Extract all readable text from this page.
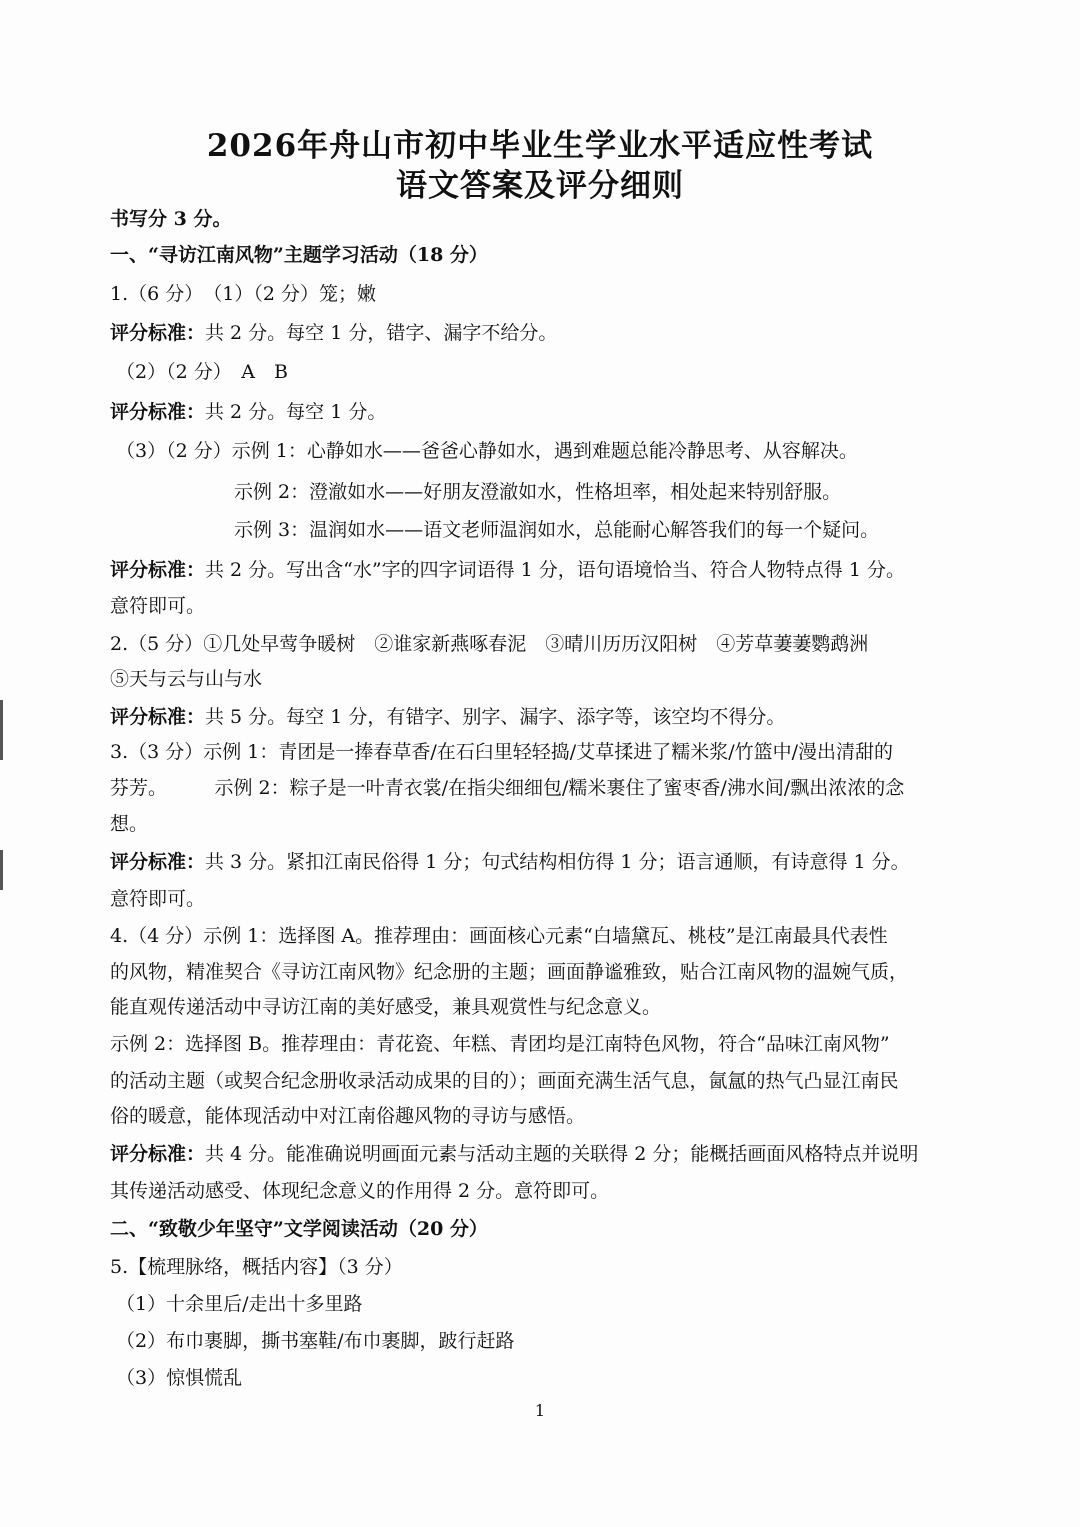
2026年舟山市初中毕业生学业水平适应性考试
语文答案及评分细则
书写分 3 分。
一、“寻访江南风物”主题学习活动（18 分）
1.（6 分）　（1）（2 分）笼；嫩
评分标准：共 2 分。每空 1 分，错字、漏字不给分。
（2）（2 分）　A　B
评分标准：共 2 分。每空 1 分。
（3）（2 分）示例 1：心静如水——爸爸心静如水，遇到难题总能冷静思考、从容解决。
示例 2：澄澈如水——好朋友澄澈如水，性格坦率，相处起来特别舒服。
示例 3：温润如水——语文老师温润如水，总能耐心解答我们的每一个疑问。
评分标准：共 2 分。写出含“水”字的四字词语得 1 分，语句语境恰当、符合人物特点得 1 分。
意符即可。
2.（5 分）①几处早莺争暖树　②谁家新燕啄春泥　③晴川历历汉阳树　④芳草萋萋鹦鹉洲
⑤天与云与山与水
评分标准：共 5 分。每空 1 分，有错字、别字、漏字、添字等，该空均不得分。
3.（3 分）示例 1：青团是一捧春草香/在石臼里轻轻捣/艾草揉进了糯米浆/竹篮中/漫出清甜的
芬芳。　　　示例 2：粽子是一叶青衣裳/在指尖细细包/糯米裹住了蜜枣香/沸水间/飘出浓浓的念
想。
评分标准：共 3 分。紧扣江南民俗得 1 分；句式结构相仿得 1 分；语言通顺，有诗意得 1 分。
意符即可。
4.（4 分）示例 1：选择图 A。推荐理由：画面核心元素“白墙黛瓦、桃枝”是江南最具代表性
的风物，精准契合《寻访江南风物》纪念册的主题；画面静谧雅致，贴合江南风物的温婉气质，
能直观传递活动中寻访江南的美好感受，兼具观赏性与纪念意义。
示例 2：选择图 B。推荐理由：青花瓷、年糕、青团均是江南特色风物，符合“品味江南风物”
的活动主题（或契合纪念册收录活动成果的目的）；画面充满生活气息，氤氲的热气凸显江南民
俗的暖意，能体现活动中对江南俗趣风物的寻访与感悟。
评分标准：共 4 分。能准确说明画面元素与活动主题的关联得 2 分；能概括画面风格特点并说明
其传递活动感受、体现纪念意义的作用得 2 分。意符即可。
二、“致敬少年坚守”文学阅读活动（20 分）
5.【梳理脉络，概括内容】（3 分）
（1）十余里后/走出十多里路
（2）布巾裹脚，撕书塞鞋/布巾裹脚，跛行赶路
（3）惊惧慌乱
1
